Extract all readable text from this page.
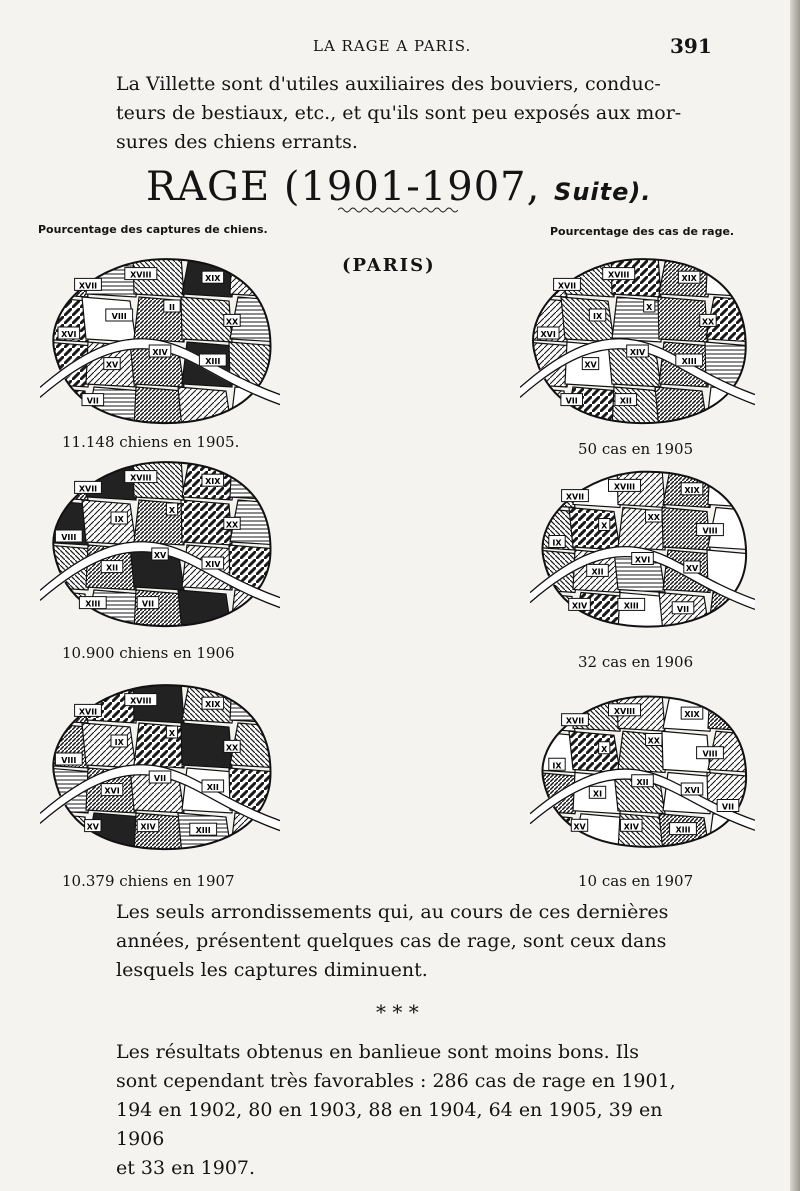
LA RAGE A PARIS.	391
La Villette sont d'utiles auxiliaires des bouviers, conduc-
teurs de bestiaux, etc., et qu'ils sont peu exposés aux mor-
sures des chiens errants.
RAGE (1901-1907, Suite).
Pourcentage des captures de chiens.	Pourcentage des cas de rage.
(PARIS)
XVII
XVIII	XIX
XVI
VIII
II
XX
XV
XIV
XIII
VII
XVII
XVIII	XIX
XVI
IX
X
XX
XV
XIV
XIII
VII	XII
XVII
XVIII	XIX
VIII
IX
X
XX
XII
XV
XIV
XIII	VII
XVII
XVIII	XIX
IX
X
XX
VIII
XII
XVI
XV
XIV	XIII	VII
XVII
XVIII	XIX
VIII
IX
X
XX
XVI
VII
XII
XV	XIV	XIII
XVII
XVIII	XIX
IX
X
XX
VIII
XI
XII
XVI
XV	XIV	XIII
VII
11.148 chiens en 1905.	50 cas en 1905
10.900 chiens en 1906	32 cas en 1906
10.379 chiens en 1907	10 cas en 1907
Les seuls arrondissements qui, au cours de ces dernières
années, présentent quelques cas de rage, sont ceux dans
lesquels les captures diminuent.
* * *
Les résultats obtenus en banlieue sont moins bons. Ils
sont cependant très favorables : 286 cas de rage en 1901,
194 en 1902, 80 en 1903, 88 en 1904, 64 en 1905, 39 en 1906
et 33 en 1907.
